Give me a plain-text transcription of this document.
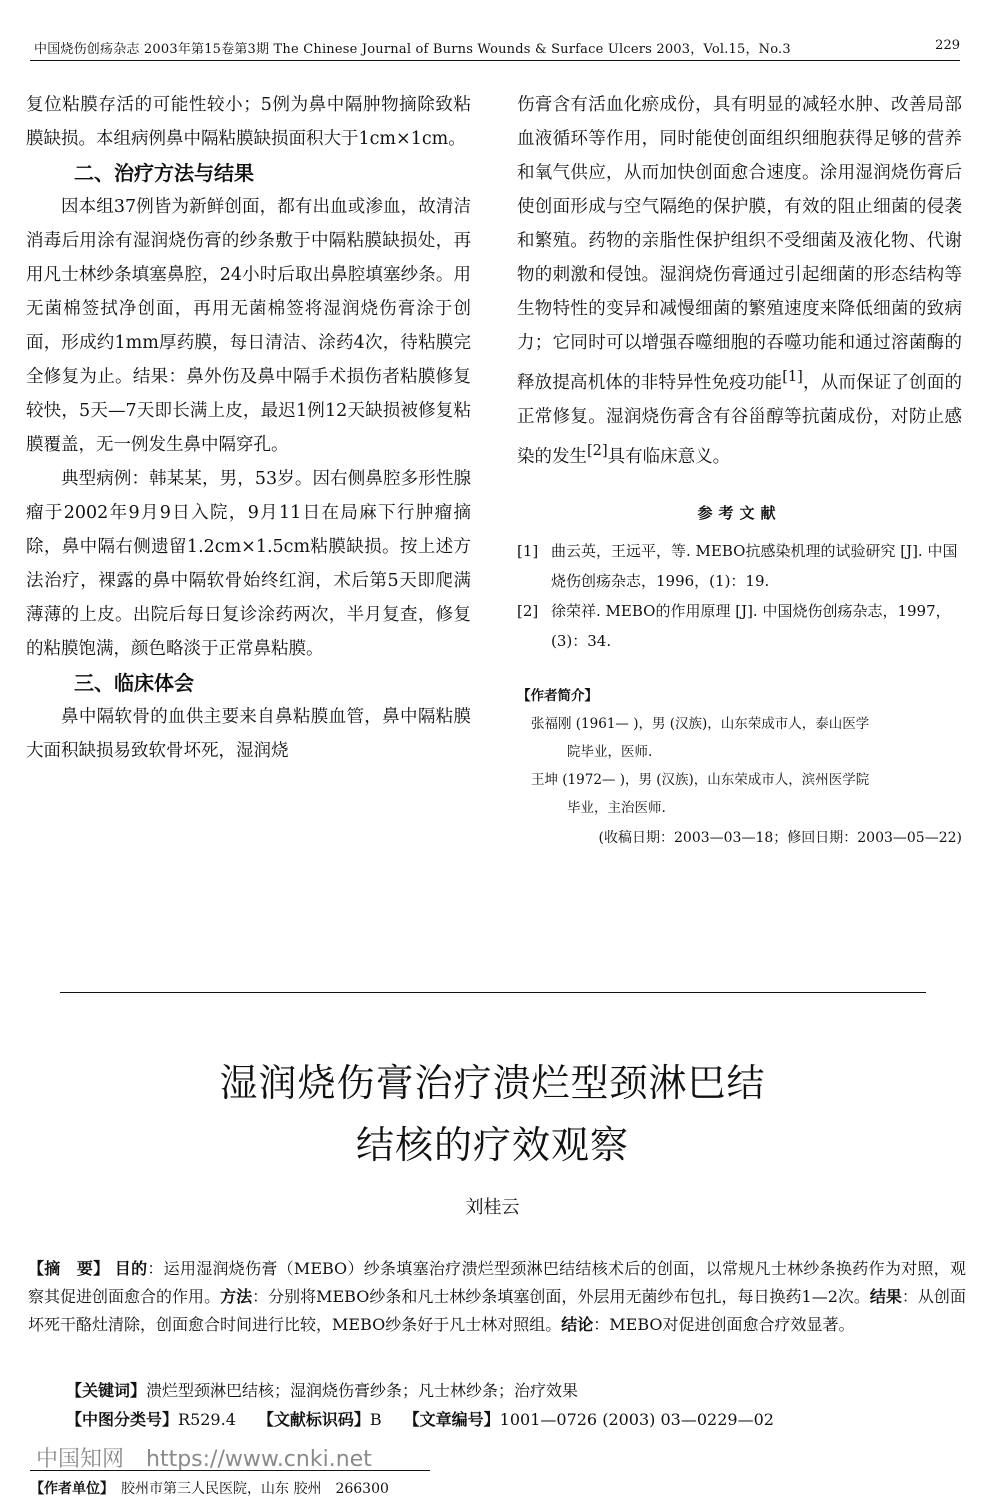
中国烧伤创疡杂志 2003年第15卷第3期 The Chinese Journal of Burns Wounds & Surface Ulcers 2003，Vol.15，No.3	229

复位粘膜存活的可能性较小；5例为鼻中隔肿物摘除致粘膜缺损。本组病例鼻中隔粘膜缺损面积大于1cm×1cm。

二、治疗方法与结果

因本组37例皆为新鲜创面，都有出血或渗血，故清洁消毒后用涂有湿润烧伤膏的纱条敷于中隔粘膜缺损处，再用凡士林纱条填塞鼻腔，24小时后取出鼻腔填塞纱条。用无菌棉签拭净创面，再用无菌棉签将湿润烧伤膏涂于创面，形成约1mm厚药膜，每日清洁、涂药4次，待粘膜完全修复为止。结果：鼻外伤及鼻中隔手术损伤者粘膜修复较快，5天—7天即长满上皮，最迟1例12天缺损被修复粘膜覆盖，无一例发生鼻中隔穿孔。

典型病例：韩某某，男，53岁。因右侧鼻腔多形性腺瘤于2002年9月9日入院，9月11日在局麻下行肿瘤摘除，鼻中隔右侧遗留1.2cm×1.5cm粘膜缺损。按上述方法治疗，裸露的鼻中隔软骨始终红润，术后第5天即爬满薄薄的上皮。出院后每日复诊涂药两次，半月复查，修复的粘膜饱满，颜色略淡于正常鼻粘膜。

三、临床体会

鼻中隔软骨的血供主要来自鼻粘膜血管，鼻中隔粘膜大面积缺损易致软骨坏死，湿润烧

伤膏含有活血化瘀成份，具有明显的减轻水肿、改善局部血液循环等作用，同时能使创面组织细胞获得足够的营养和氧气供应，从而加快创面愈合速度。涂用湿润烧伤膏后使创面形成与空气隔绝的保护膜，有效的阻止细菌的侵袭和繁殖。药物的亲脂性保护组织不受细菌及液化物、代谢物的刺激和侵蚀。湿润烧伤膏通过引起细菌的形态结构等生物特性的变异和减慢细菌的繁殖速度来降低细菌的致病力；它同时可以增强吞噬细胞的吞噬功能和通过溶菌酶的释放提高机体的非特异性免疫功能[1]，从而保证了创面的正常修复。湿润烧伤膏含有谷甾醇等抗菌成份，对防止感染的发生[2]具有临床意义。

参考文献
[1] 曲云英，王远平，等. MEBO抗感染机理的试验研究 [J]. 中国烧伤创疡杂志，1996，(1)：19.
[2] 徐荣祥. MEBO的作用原理 [J]. 中国烧伤创疡杂志，1997，(3)：34.
【作者简介】
张福刚 (1961— )，男 (汉族)，山东荣成市人，泰山医学
院毕业，医师.
王坤 (1972— )，男 (汉族)，山东荣成市人，滨州医学院
毕业，主治医师.
(收稿日期：2003—03—18；修回日期：2003—05—22)
湿润烧伤膏治疗溃烂型颈淋巴结
结核的疗效观察
刘桂云
【摘　要】 目的：运用湿润烧伤膏（MEBO）纱条填塞治疗溃烂型颈淋巴结结核术后的创面，以常规凡士林纱条换药作为对照，观察其促进创面愈合的作用。方法：分别将MEBO纱条和凡士林纱条填塞创面，外层用无菌纱布包扎，每日换药1—2次。结果：从创面坏死干酪灶清除，创面愈合时间进行比较，MEBO纱条好于凡士林对照组。结论：MEBO对促进创面愈合疗效显著。
【关键词】溃烂型颈淋巴结核；湿润烧伤膏纱条；凡士林纱条；治疗效果
【中图分类号】R529.4 【文献标识码】B 【文章编号】1001—0726 (2003) 03—0229—02
中国知网　https://www.cnki.net
【作者单位】　 胶州市第三人民医院，山东 胶州　266300
